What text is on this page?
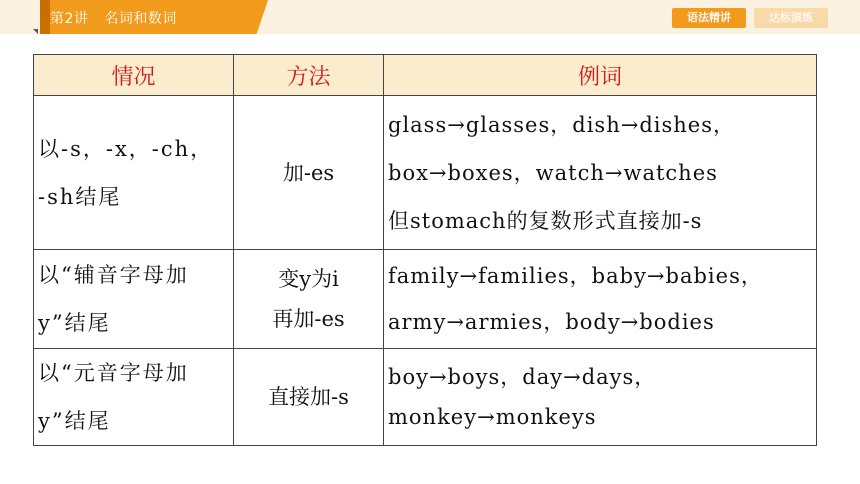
第2讲 名词和数词	语法精讲	达标演练
情况	方法	例词

以-s，-x，-ch，
-sh结尾	加-es	glass→glasses，dish→dishes，
box→boxes，watch→watches
但stomach的复数形式直接加-s

以“辅音字母加
y”结尾	变y为i
再加-es	family→families，baby→babies，
army→armies，body→bodies

以“元音字母加
y”结尾	直接加-s	boy→boys，day→days，
monkey→monkeys
